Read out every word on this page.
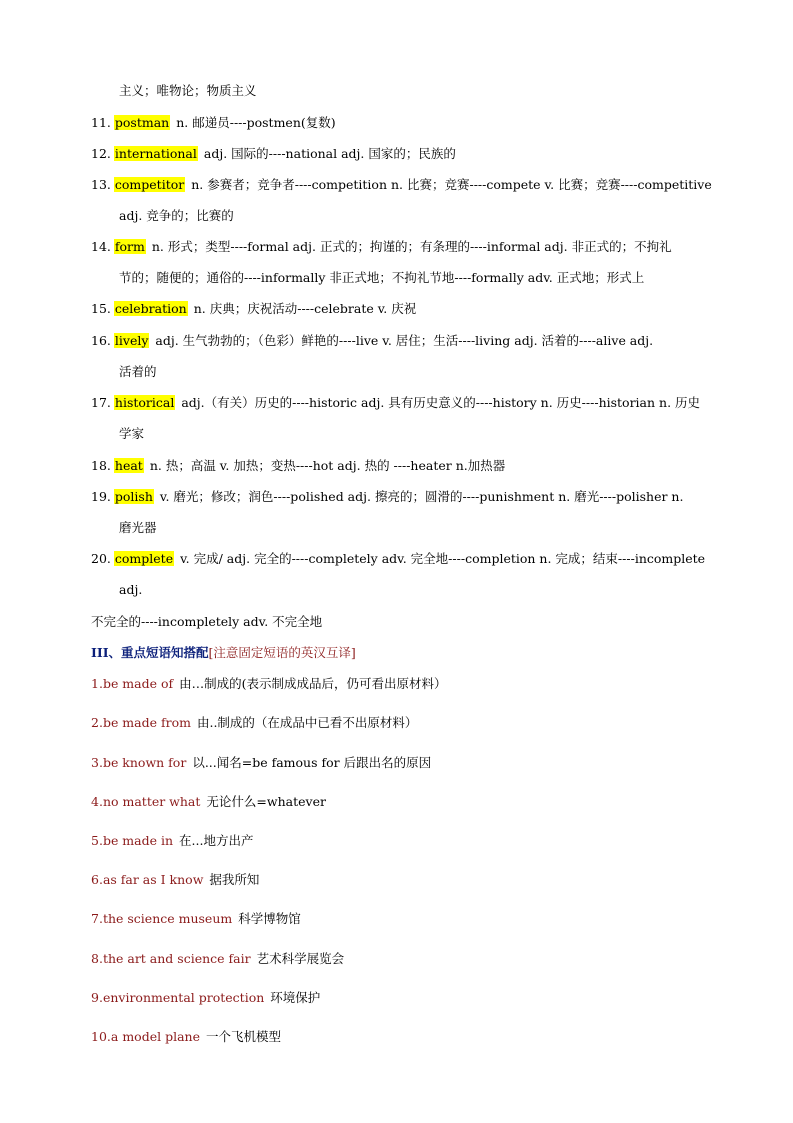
主义；唯物论；物质主义
11. postman n. 邮递员----postmen(复数)
12. international adj. 国际的----national adj. 国家的；民族的
13. competitor n. 参赛者；竞争者----competition n. 比赛；竞赛----compete v. 比赛；竞赛----competitive
adj. 竞争的；比赛的
14. form n. 形式；类型----formal adj. 正式的；拘谨的；有条理的----informal adj. 非正式的；不拘礼
节的；随便的；通俗的----informally 非正式地；不拘礼节地----formally adv. 正式地；形式上
15. celebration n. 庆典；庆祝活动----celebrate v. 庆祝
16. lively adj. 生气勃勃的；（色彩）鲜艳的----live v. 居住；生活----living adj. 活着的----alive adj.
活着的
17. historical adj.（有关）历史的----historic adj. 具有历史意义的----history n. 历史----historian n. 历史
学家
18. heat n. 热；高温 v. 加热；变热----hot adj. 热的 ----heater n.加热器
19. polish v. 磨光；修改；润色----polished adj. 擦亮的；圆滑的----punishment n. 磨光----polisher n.
磨光器
20. complete v. 完成/ adj. 完全的----completely adv. 完全地----completion n. 完成；结束----incomplete
adj.
不完全的----incompletely adv. 不完全地
III、重点短语知搭配[注意固定短语的英汉互译]
1.be made of 由…制成的(表示制成成品后，仍可看出原材料）
2.be made from 由..制成的（在成品中已看不出原材料）
3.be known for 以...闻名=be famous for 后跟出名的原因
4.no matter what 无论什么=whatever
5.be made in 在...地方出产
6.as far as I know 据我所知
7.the science museum 科学博物馆
8.the art and science fair 艺术科学展览会
9.environmental protection 环境保护
10.a model plane 一个飞机模型
